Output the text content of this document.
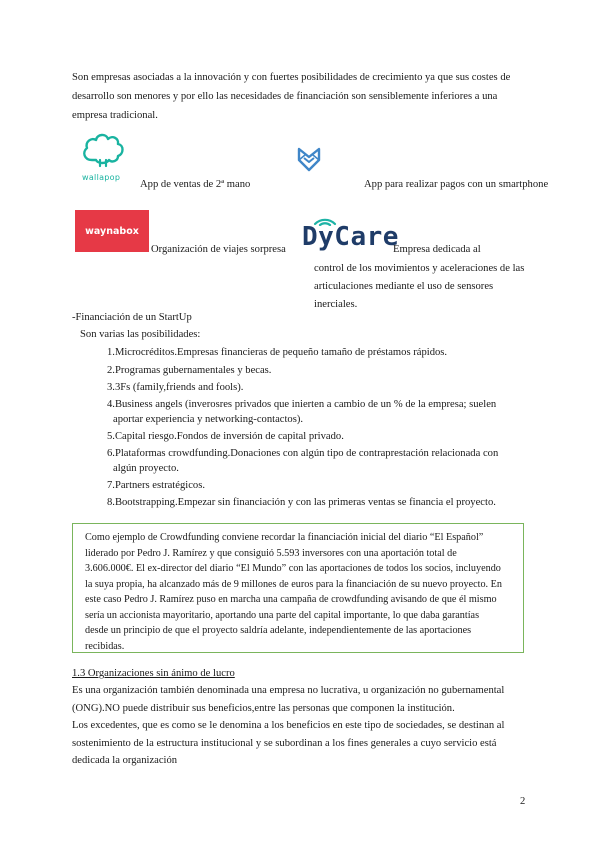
Son empresas asociadas a la innovación y con fuertes posibilidades de crecimiento ya que sus costes de
desarrollo son menores y por ello las necesidades de financiación son sensiblemente inferiores a una
empresa tradicional.
wallapop
App de ventas de 2ª mano	App para realizar pagos con un smartphone
waynabox
Organización de viajes sorpresa DyCare
Empresa dedicada al
control de los movimientos y aceleraciones de las
articulaciones mediante el uso de sensores
inerciales.
-Financiación de un StartUp
Son varias las posibilidades:
1.Microcréditos.Empresas financieras de pequeño tamaño de préstamos rápidos.
2.Programas gubernamentales y becas.
3.3Fs (family,friends and fools).
4.Business angels (inverosres privados que inierten a cambio de un % de la empresa; suelen
aportar experiencia y networking-contactos).
5.Capital riesgo.Fondos de inversión de capital privado.
6.Plataformas crowdfunding.Donaciones con algún tipo de contraprestación relacionada con
algún proyecto.
7.Partners estratégicos.
8.Bootstrapping.Empezar sin financiación y con las primeras ventas se financia el proyecto.
Como ejemplo de Crowdfunding conviene recordar la financiación inicial del diario “El Español”
liderado por Pedro J. Ramírez y que consiguió 5.593 inversores con una aportación total de
3.606.000€. El ex-director del diario “El Mundo” con las aportaciones de todos los socios, incluyendo
la suya propia, ha alcanzado más de 9 millones de euros para la financiación de su nuevo proyecto. En
este caso Pedro J. Ramírez puso en marcha una campaña de crowdfunding avisando de que él mismo
sería un accionista mayoritario, aportando una parte del capital importante, lo que daba garantías
desde un principio de que el proyecto saldría adelante, independientemente de las aportaciones
recibidas.
1.3 Organizaciones sin ánimo de lucro
Es una organización también denominada una empresa no lucrativa, u organización no gubernamental
(ONG).NO puede distribuir sus beneficios,entre las personas que componen la institución.
Los excedentes, que es como se le denomina a los beneficios en este tipo de sociedades, se destinan al
sostenimiento de la estructura institucional y se subordinan a los fines generales a cuyo servicio está
dedicada la organización
2
